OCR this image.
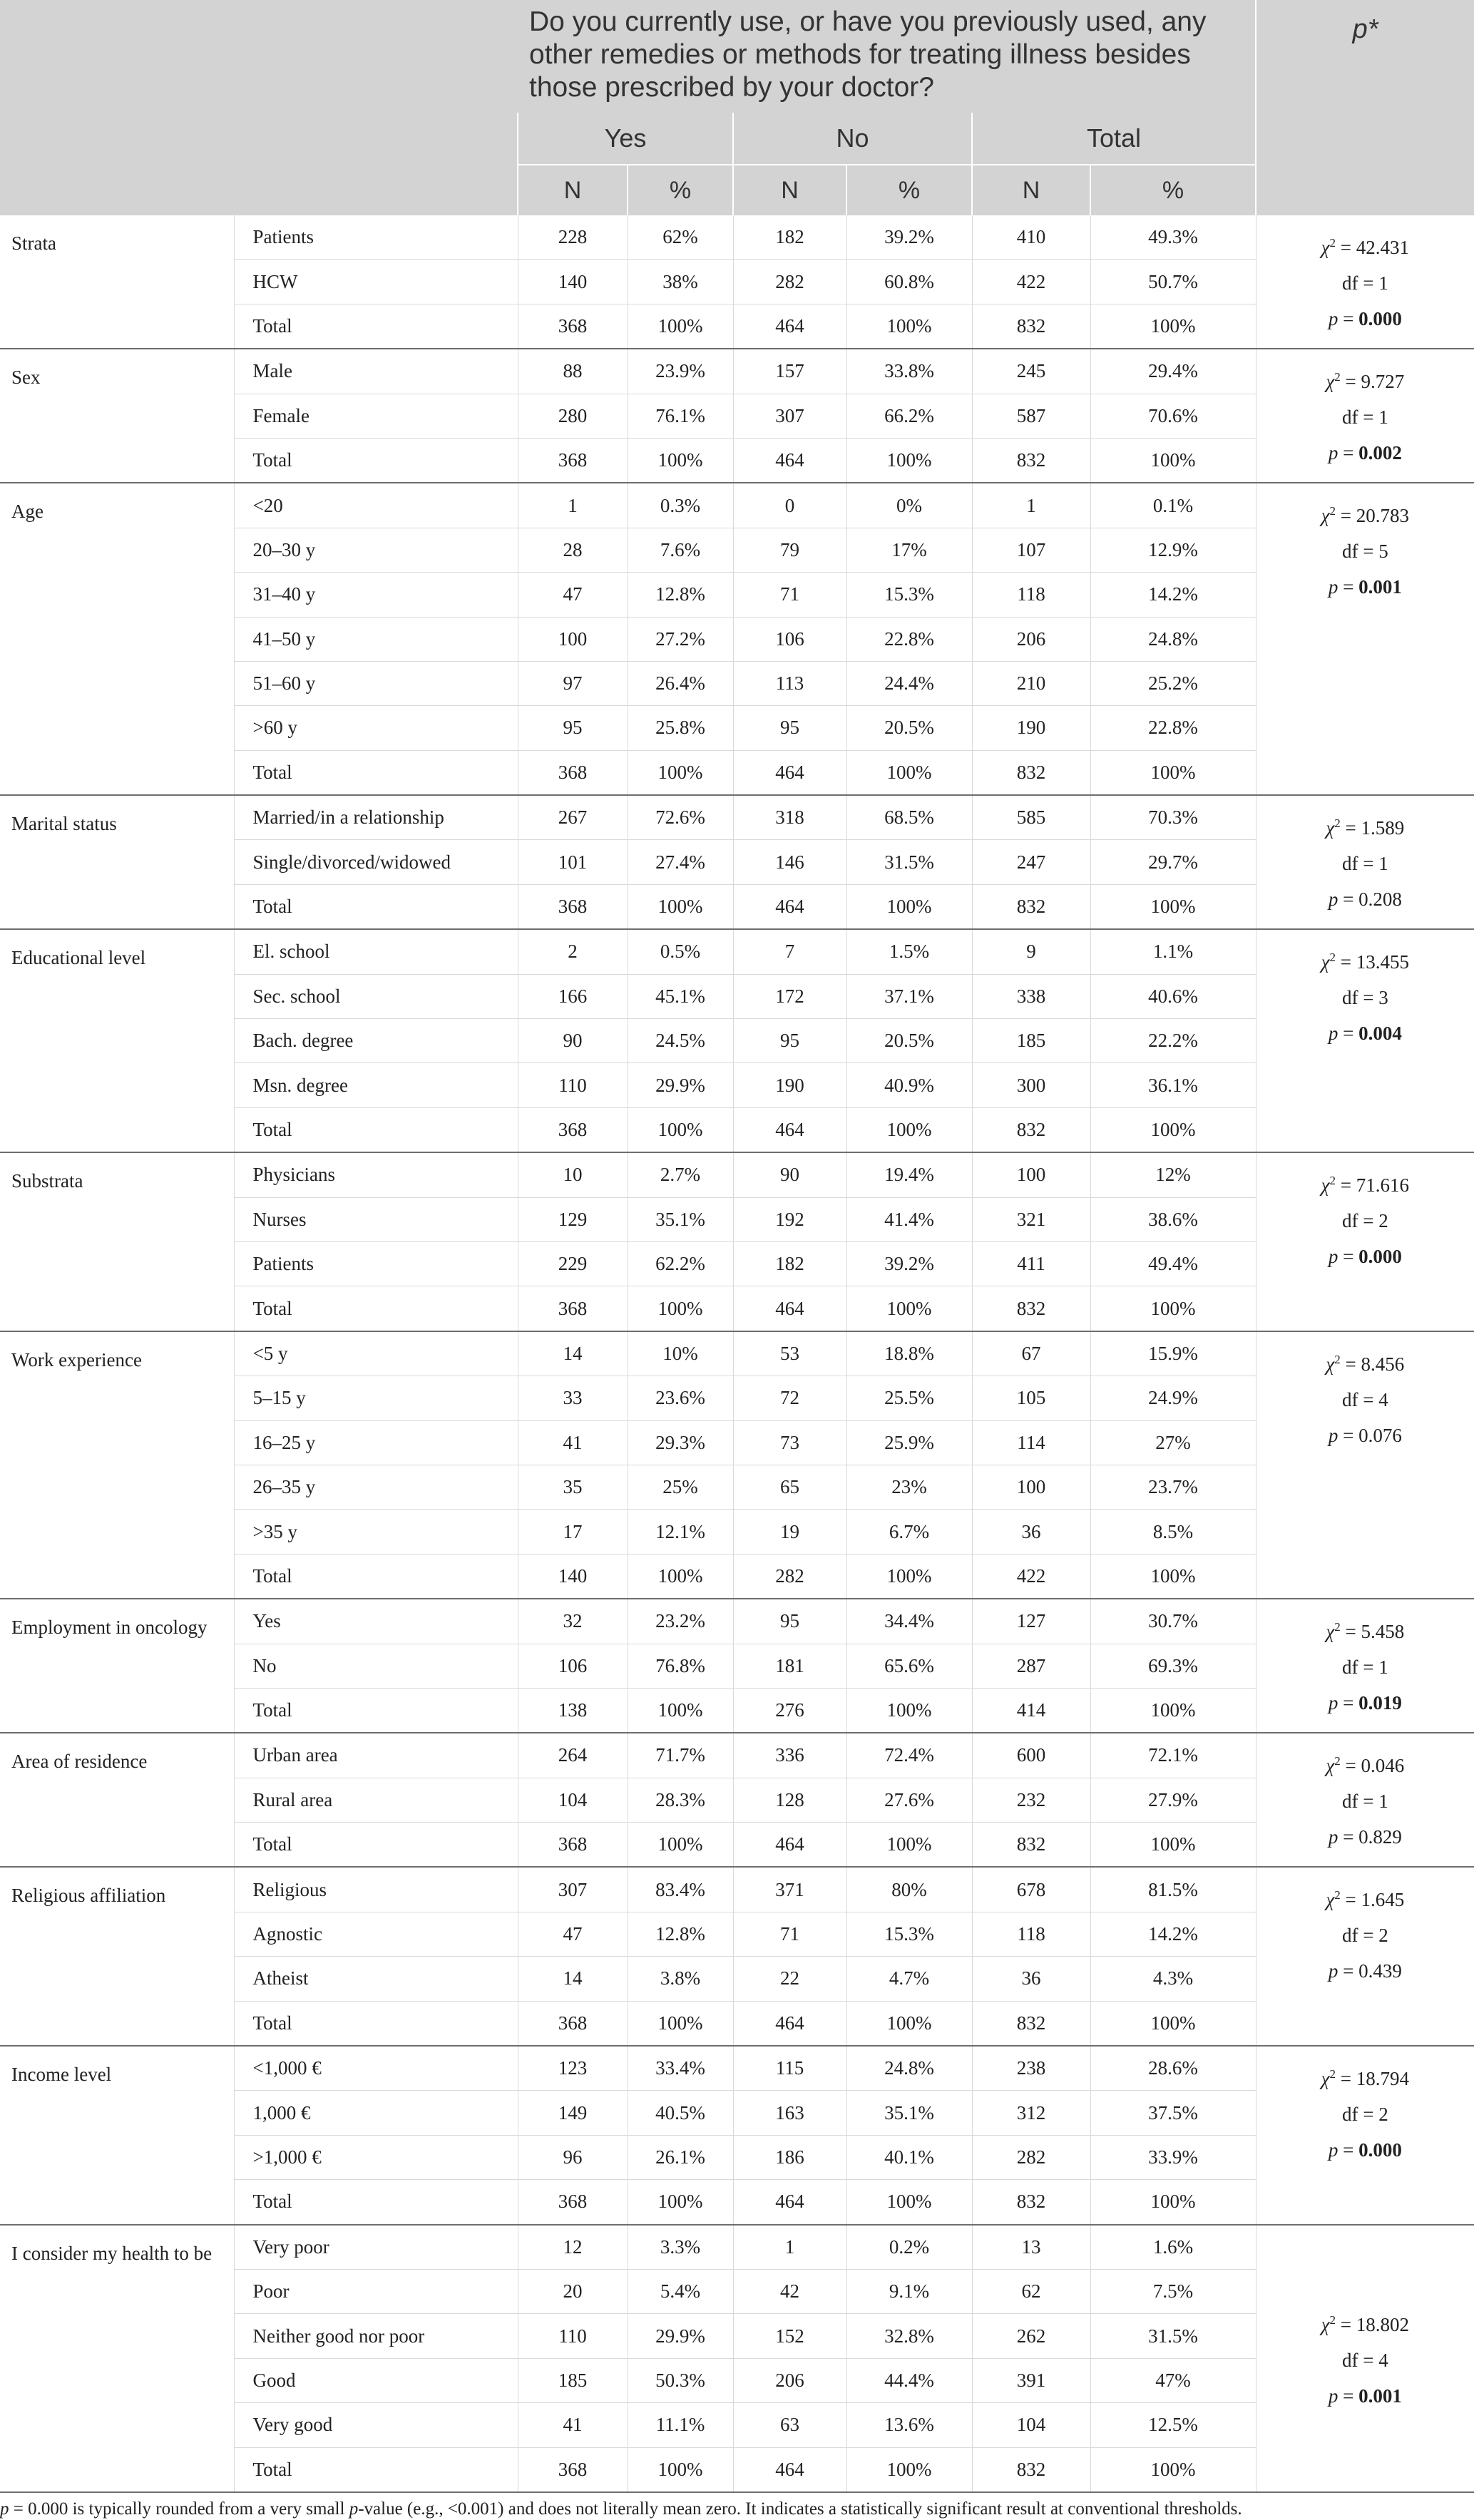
		Do you currently use, or have you previously used, any other remedies or methods for treating illness besides those prescribed by your doctor?						p*
		Yes		No		Total		
		N	%	N	%	N	%	
Strata	Patients	228	62%	182	39.2%	410	49.3%	$\chi^2 = 42.431$
df = 1
p = 0.000

	HCW	140	38%	282	60.8%	422	50.7%	
	Total	368	100%	464	100%	832	100%	
Sex	Male	88	23.9%	157	33.8%	245	29.4%	$\chi^2 = 9.727$
df = 1
p = 0.002

	Female	280	76.1%	307	66.2%	587	70.6%	
	Total	368	100%	464	100%	832	100%	
Age	<20	1	0.3%	0	0%	1	0.1%	$\chi^2 = 20.783$
df = 5
p = 0.001

	20–30 y	28	7.6%	79	17%	107	12.9%	
	31–40 y	47	12.8%	71	15.3%	118	14.2%	
	41–50 y	100	27.2%	106	22.8%	206	24.8%	
	51–60 y	97	26.4%	113	24.4%	210	25.2%	
	>60 y	95	25.8%	95	20.5%	190	22.8%	
	Total	368	100%	464	100%	832	100%	
Marital status	Married/in a relationship	267	72.6%	318	68.5%	585	70.3%	$\chi^2 = 1.589$
df = 1
p = 0.208

	Single/divorced/widowed	101	27.4%	146	31.5%	247	29.7%	
	Total	368	100%	464	100%	832	100%	
Educational level	El. school	2	0.5%	7	1.5%	9	1.1%	$\chi^2 = 13.455$
df = 3
p = 0.004

	Sec. school	166	45.1%	172	37.1%	338	40.6%	
	Bach. degree	90	24.5%	95	20.5%	185	22.2%	
	Msn. degree	110	29.9%	190	40.9%	300	36.1%	
	Total	368	100%	464	100%	832	100%	
Substrata	Physicians	10	2.7%	90	19.4%	100	12%	$\chi^2 = 71.616$
df = 2
p = 0.000

	Nurses	129	35.1%	192	41.4%	321	38.6%	
	Patients	229	62.2%	182	39.2%	411	49.4%	
	Total	368	100%	464	100%	832	100%	
Work experience	<5 y	14	10%	53	18.8%	67	15.9%	$\chi^2 = 8.456$
df = 4
p = 0.076

	5–15 y	33	23.6%	72	25.5%	105	24.9%	
	16–25 y	41	29.3%	73	25.9%	114	27%	
	26–35 y	35	25%	65	23%	100	23.7%	
	>35 y	17	12.1%	19	6.7%	36	8.5%	
	Total	140	100%	282	100%	422	100%	
Employment in oncology	Yes	32	23.2%	95	34.4%	127	30.7%	$\chi^2 = 5.458$
df = 1
p = 0.019

	No	106	76.8%	181	65.6%	287	69.3%	
	Total	138	100%	276	100%	414	100%	
Area of residence	Urban area	264	71.7%	336	72.4%	600	72.1%	$\chi^2 = 0.046$
df = 1
p = 0.829

	Rural area	104	28.3%	128	27.6%	232	27.9%	
	Total	368	100%	464	100%	832	100%	
Religious affiliation	Religious	307	83.4%	371	80%	678	81.5%	$\chi^2 = 1.645$
df = 2
p = 0.439

	Agnostic	47	12.8%	71	15.3%	118	14.2%	
	Atheist	14	3.8%	22	4.7%	36	4.3%	
	Total	368	100%	464	100%	832	100%	
Income level	<1,000 €	123	33.4%	115	24.8%	238	28.6%	$\chi^2 = 18.794$
df = 2
p = 0.000

	1,000 €	149	40.5%	163	35.1%	312	37.5%	
	>1,000 €	96	26.1%	186	40.1%	282	33.9%	
	Total	368	100%	464	100%	832	100%	
I consider my health to be	Very poor	12	3.3%	1	0.2%	13	1.6%	$\chi^2 = 18.802$
df = 4
p = 0.001

	Poor	20	5.4%	42	9.1%	62	7.5%	
	Neither good nor poor	110	29.9%	152	32.8%	262	31.5%	
	Good	185	50.3%	206	44.4%	391	47%	
	Very good	41	11.1%	63	13.6%	104	12.5%	
	Total	368	100%	464	100%	832	100%	
p = 0.000 is typically rounded from a very small p-value (e.g., <0.001) and does not literally mean zero. It indicates a statistically significant result at conventional thresholds.
